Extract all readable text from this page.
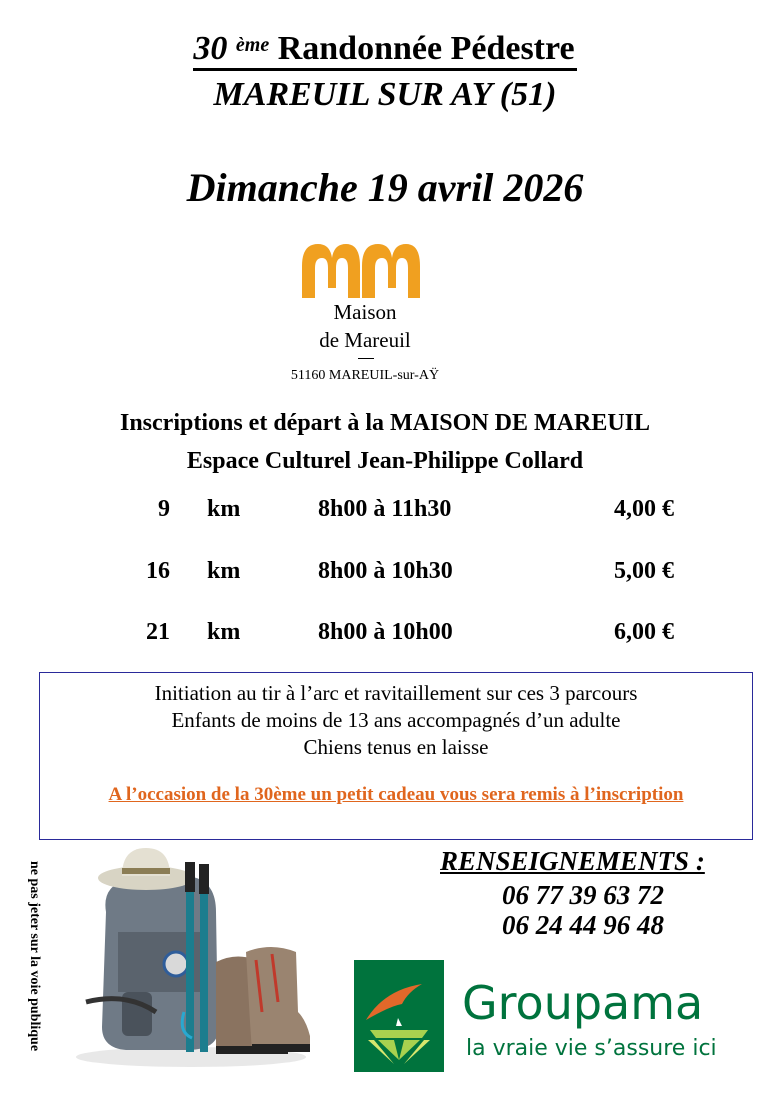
30 $^{ème}$ Randonnée Pédestre
MAREUIL SUR AY (51)
Dimanche 19 avril 2026
Maison
de Mareuil
51160 MAREUIL-sur-AŸ
Inscriptions et départ à la MAISON DE MAREUIL
Espace Culturel Jean-Philippe Collard
9 km	8h00 à 11h30	4,00 €
16 km	8h00 à 10h30	5,00 €
21 km	8h00 à 10h00	6,00 €
Initiation au tir à l’arc et ravitaillement sur ces 3 parcours
Enfants de moins de 13 ans accompagnés d’un adulte
Chiens tenus en laisse
A l’occasion de la 30ème un petit cadeau vous sera remis à l’inscription
ne pas jeter sur la voie publique	RENSEIGNEMENTS :
06 77 39 63 72
06 24 44 96 48
Groupama
la vraie vie s’assure ici
